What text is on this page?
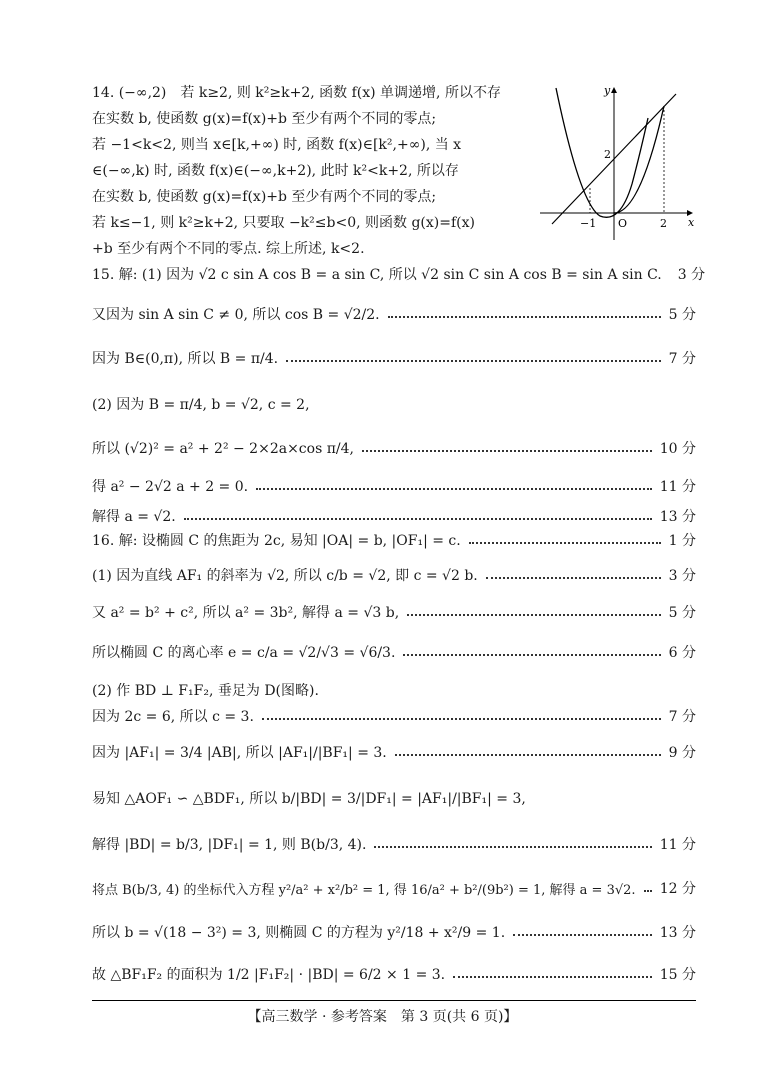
14. (−∞,2)　若 k≥2, 则 k²≥k+2, 函数 f(x) 单调递增, 所以不存
在实数 b, 使函数 g(x)=f(x)+b 至少有两个不同的零点;
若 −1<k<2, 则当 x∈[k,+∞) 时, 函数 f(x)∈[k²,+∞), 当 x
∈(−∞,k) 时, 函数 f(x)∈(−∞,k+2), 此时 k²<k+2, 所以存
在实数 b, 使函数 g(x)=f(x)+b 至少有两个不同的零点;
若 k≤−1, 则 k²≥k+2, 只要取 −k²≤b<0, 则函数 g(x)=f(x)
+b 至少有两个不同的零点. 综上所述, k<2.
y
x
O
−1	2
2
15. 解: (1) 因为 √2 c sin A cos B = a sin C, 所以 √2 sin C sin A cos B = sin A sin C. 3 分
又因为 sin A sin C ≠ 0, 所以 cos B = √2/2.	5 分
因为 B∈(0,π), 所以 B = π/4.	7 分
(2) 因为 B = π/4, b = √2, c = 2,
所以 (√2)² = a² + 2² − 2×2a×cos π/4,	10 分
得 a² − 2√2 a + 2 = 0.	11 分
解得 a = √2.	13 分
16. 解: 设椭圆 C 的焦距为 2c, 易知 |OA| = b, |OF₁| = c.	1 分
(1) 因为直线 AF₁ 的斜率为 √2, 所以 c/b = √2, 即 c = √2 b.	3 分
又 a² = b² + c², 所以 a² = 3b², 解得 a = √3 b,	5 分
所以椭圆 C 的离心率 e = c/a = √2/√3 = √6/3.	6 分
(2) 作 BD ⊥ F₁F₂, 垂足为 D(图略).
因为 2c = 6, 所以 c = 3.	7 分
因为 |AF₁| = 3/4 |AB|, 所以 |AF₁|/|BF₁| = 3.	9 分
易知 △AOF₁ ∽ △BDF₁, 所以 b/|BD| = 3/|DF₁| = |AF₁|/|BF₁| = 3,
解得 |BD| = b/3, |DF₁| = 1, 则 B(b/3, 4).	11 分
将点 B(b/3, 4) 的坐标代入方程 y²/a² + x²/b² = 1, 得 16/a² + b²/(9b²) = 1, 解得 a = 3√2. 12 分
所以 b = √(18 − 3²) = 3, 则椭圆 C 的方程为 y²/18 + x²/9 = 1.	13 分
故 △BF₁F₂ 的面积为 1/2 |F₁F₂| · |BD| = 6/2 × 1 = 3.	15 分
【高三数学 · 参考答案　第 3 页(共 6 页)】
